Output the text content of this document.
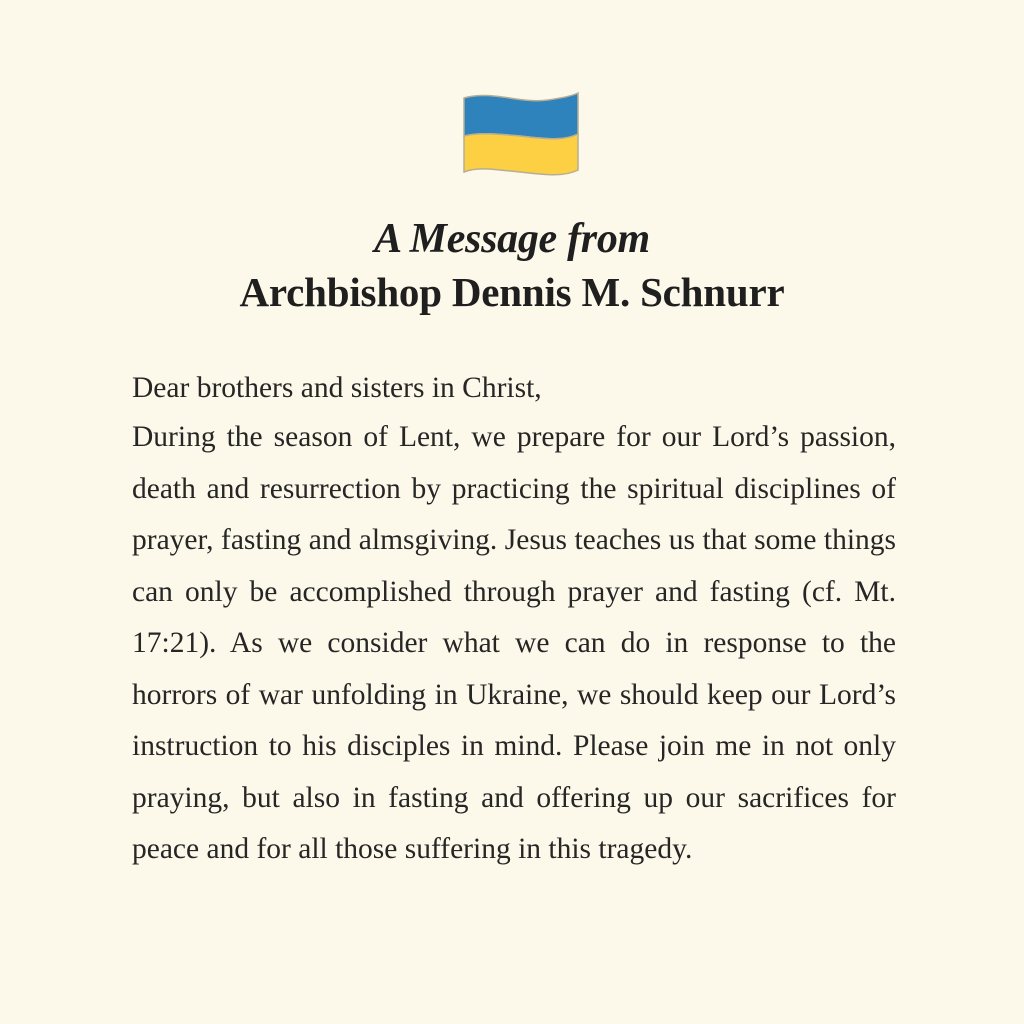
A Message from
Archbishop Dennis M. Schnurr

Dear brothers and sisters in Christ,

During the season of Lent, we prepare for our Lord’s passion, death and resurrection by practicing the spiritual disciplines of prayer, fasting and almsgiving. Jesus teaches us that some things can only be accomplished through prayer and fasting (cf. Mt. 17:21). As we consider what we can do in response to the horrors of war unfolding in Ukraine, we should keep our Lord’s instruction to his disciples in mind. Please join me in not only praying, but also in fasting and offering up our sacrifices for peace and for all those suffering in this tragedy.
